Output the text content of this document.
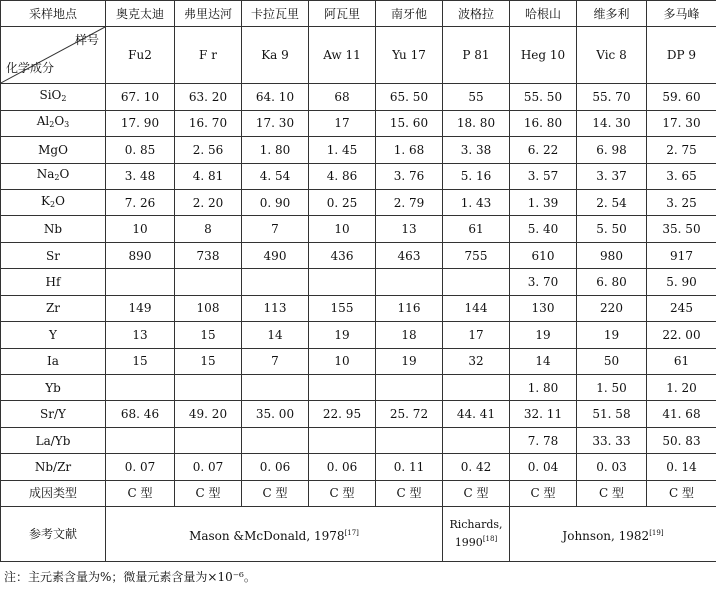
采样地点	奥克太迪	弗里达河	卡拉瓦里	阿瓦里	南牙他	波格拉	哈根山	维多利	多马峰

样号
化学成分	Fu2	F r	Ka 9	Aw 11	Yu 17	P 81	Heg 10	Vic 8	DP 9
SiO$_2$	67. 10	63. 20	64. 10	68	65. 50	55	55. 50	55. 70	59. 60
$Al_2O_3$	17. 90	16. 70	17. 30	17	15. 60	18. 80	16. 80	14. 30	17. 30
MgO	0. 85	2. 56	1. 80	1. 45	1. 68	3. 38	6. 22	6. 98	2. 75
$Na_2O$	3. 48	4. 81	4. 54	4. 86	3. 76	5. 16	3. 57	3. 37	3. 65
$K_2O$	7. 26	2. 20	0. 90	0. 25	2. 79	1. 43	1. 39	2. 54	3. 25
Nb	10	8	7	10	13	61	5. 40	5. 50	35. 50
Sr	890	738	490	436	463	755	610	980	917
Hf							3. 70	6. 80	5. 90
Zr	149	108	113	155	116	144	130	220	245
Y	13	15	14	19	18	17	19	19	22. 00
Ia	15	15	7	10	19	32	14	50	61
Yb							1. 80	1. 50	1. 20
Sr/Y	68. 46	49. 20	35. 00	22. 95	25. 72	44. 41	32. 11	51. 58	41. 68
La/Yb							7. 78	33. 33	50. 83
Nb/Zr	0. 07	0. 07	0. 06	0. 06	0. 11	0. 42	0. 04	0. 03	0. 14
成因类型	C 型	C 型	C 型	C 型	C 型	C 型	C 型	C 型	C 型
参考文献	Mason &McDonald, 1978[17]					Richards, 1990[18]	Johnson, 1982[19]
注：主元素含量为%；微量元素含量为×10⁻⁶。
